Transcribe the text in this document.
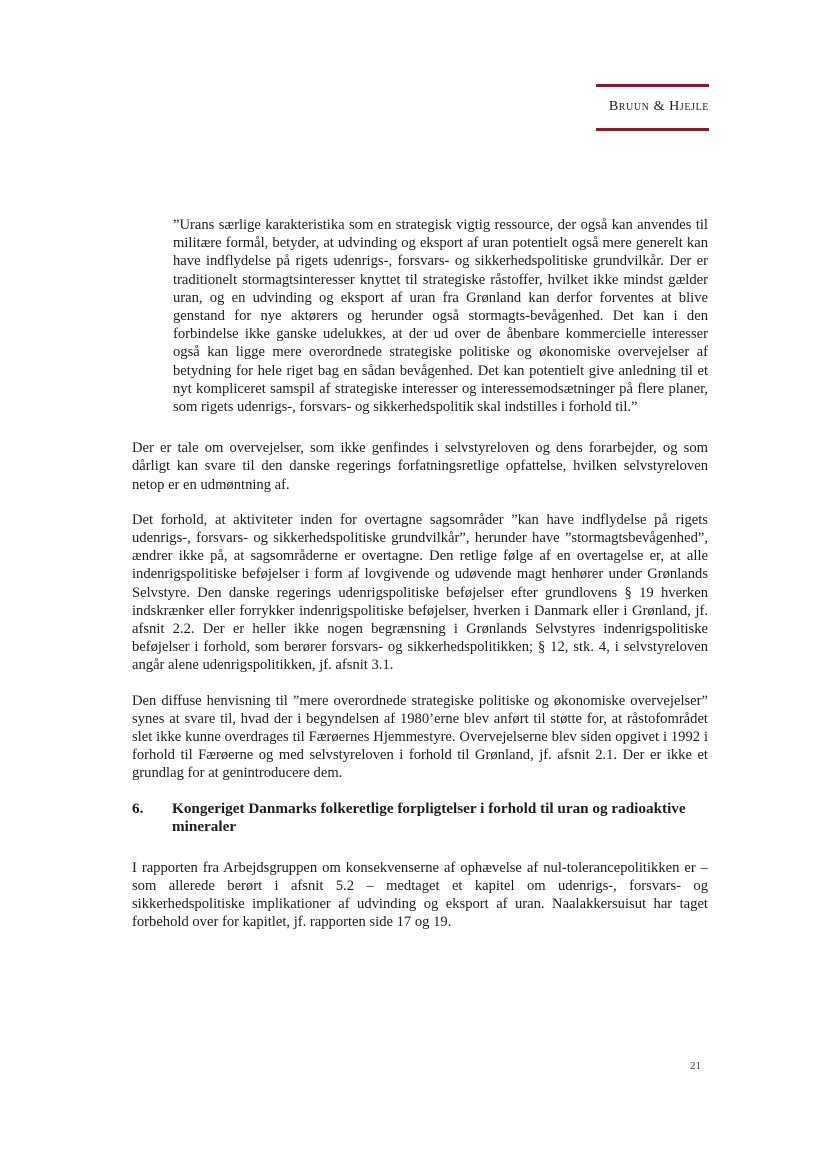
Bruun & Hjejle

”Urans særlige karakteristika som en strategisk vigtig ressource, der også kan anvendes til militære formål, betyder, at udvinding og eksport af uran potentielt også mere generelt kan have indflydelse på rigets udenrigs-, forsvars- og sikkerhedspolitiske grundvilkår. Der er traditionelt stormagtsinteresser knyttet til strategiske råstoffer, hvilket ikke mindst gælder uran, og en udvinding og eksport af uran fra Grønland kan derfor forventes at blive genstand for nye aktørers og herunder også stormagts-bevågenhed. Det kan i den forbindelse ikke ganske udelukkes, at der ud over de åbenbare kommercielle interesser også kan ligge mere overordnede strategiske politiske og økonomiske overvejelser af betydning for hele riget bag en sådan bevågenhed. Det kan potentielt give anledning til et nyt kompliceret samspil af strategiske interesser og interessemodsætninger på flere planer, som rigets udenrigs-, forsvars- og sikkerhedspolitik skal indstilles i forhold til.”

Der er tale om overvejelser, som ikke genfindes i selvstyreloven og dens forarbejder, og som dårligt kan svare til den danske regerings forfatningsretlige opfattelse, hvilken selvstyreloven netop er en udmøntning af.

Det forhold, at aktiviteter inden for overtagne sagsområder ”kan have indflydelse på rigets udenrigs-, forsvars- og sikkerhedspolitiske grundvilkår”, herunder have ”stormagtsbevågenhed”, ændrer ikke på, at sagsområderne er overtagne. Den retlige følge af en overtagelse er, at alle indenrigspolitiske beføjelser i form af lovgivende og udøvende magt henhører under Grønlands Selvstyre. Den danske regerings udenrigspolitiske beføjelser efter grundlovens § 19 hverken indskrænker eller forrykker indenrigspolitiske beføjelser, hverken i Danmark eller i Grønland, jf. afsnit 2.2. Der er heller ikke nogen begrænsning i Grønlands Selvstyres indenrigspolitiske beføjelser i forhold, som berører forsvars- og sikkerhedspolitikken; § 12, stk. 4, i selvstyreloven angår alene udenrigspolitikken, jf. afsnit 3.1.

Den diffuse henvisning til ”mere overordnede strategiske politiske og økonomiske overvejelser” synes at svare til, hvad der i begyndelsen af 1980’erne blev anført til støtte for, at råstofområdet slet ikke kunne overdrages til Færøernes Hjemmestyre. Overvejelserne blev siden opgivet i 1992 i forhold til Færøerne og med selvstyreloven i forhold til Grønland, jf. afsnit 2.1. Der er ikke et grundlag for at genintroducere dem.

6.	Kongeriget Danmarks folkeretlige forpligtelser i forhold til uran og radioaktive mineraler

I rapporten fra Arbejdsgruppen om konsekvenserne af ophævelse af nul-tolerancepolitikken er – som allerede berørt i afsnit 5.2 – medtaget et kapitel om udenrigs-, forsvars- og sikkerhedspolitiske implikationer af udvinding og eksport af uran. Naalakkersuisut har taget forbehold over for kapitlet, jf. rapporten side 17 og 19.

21
